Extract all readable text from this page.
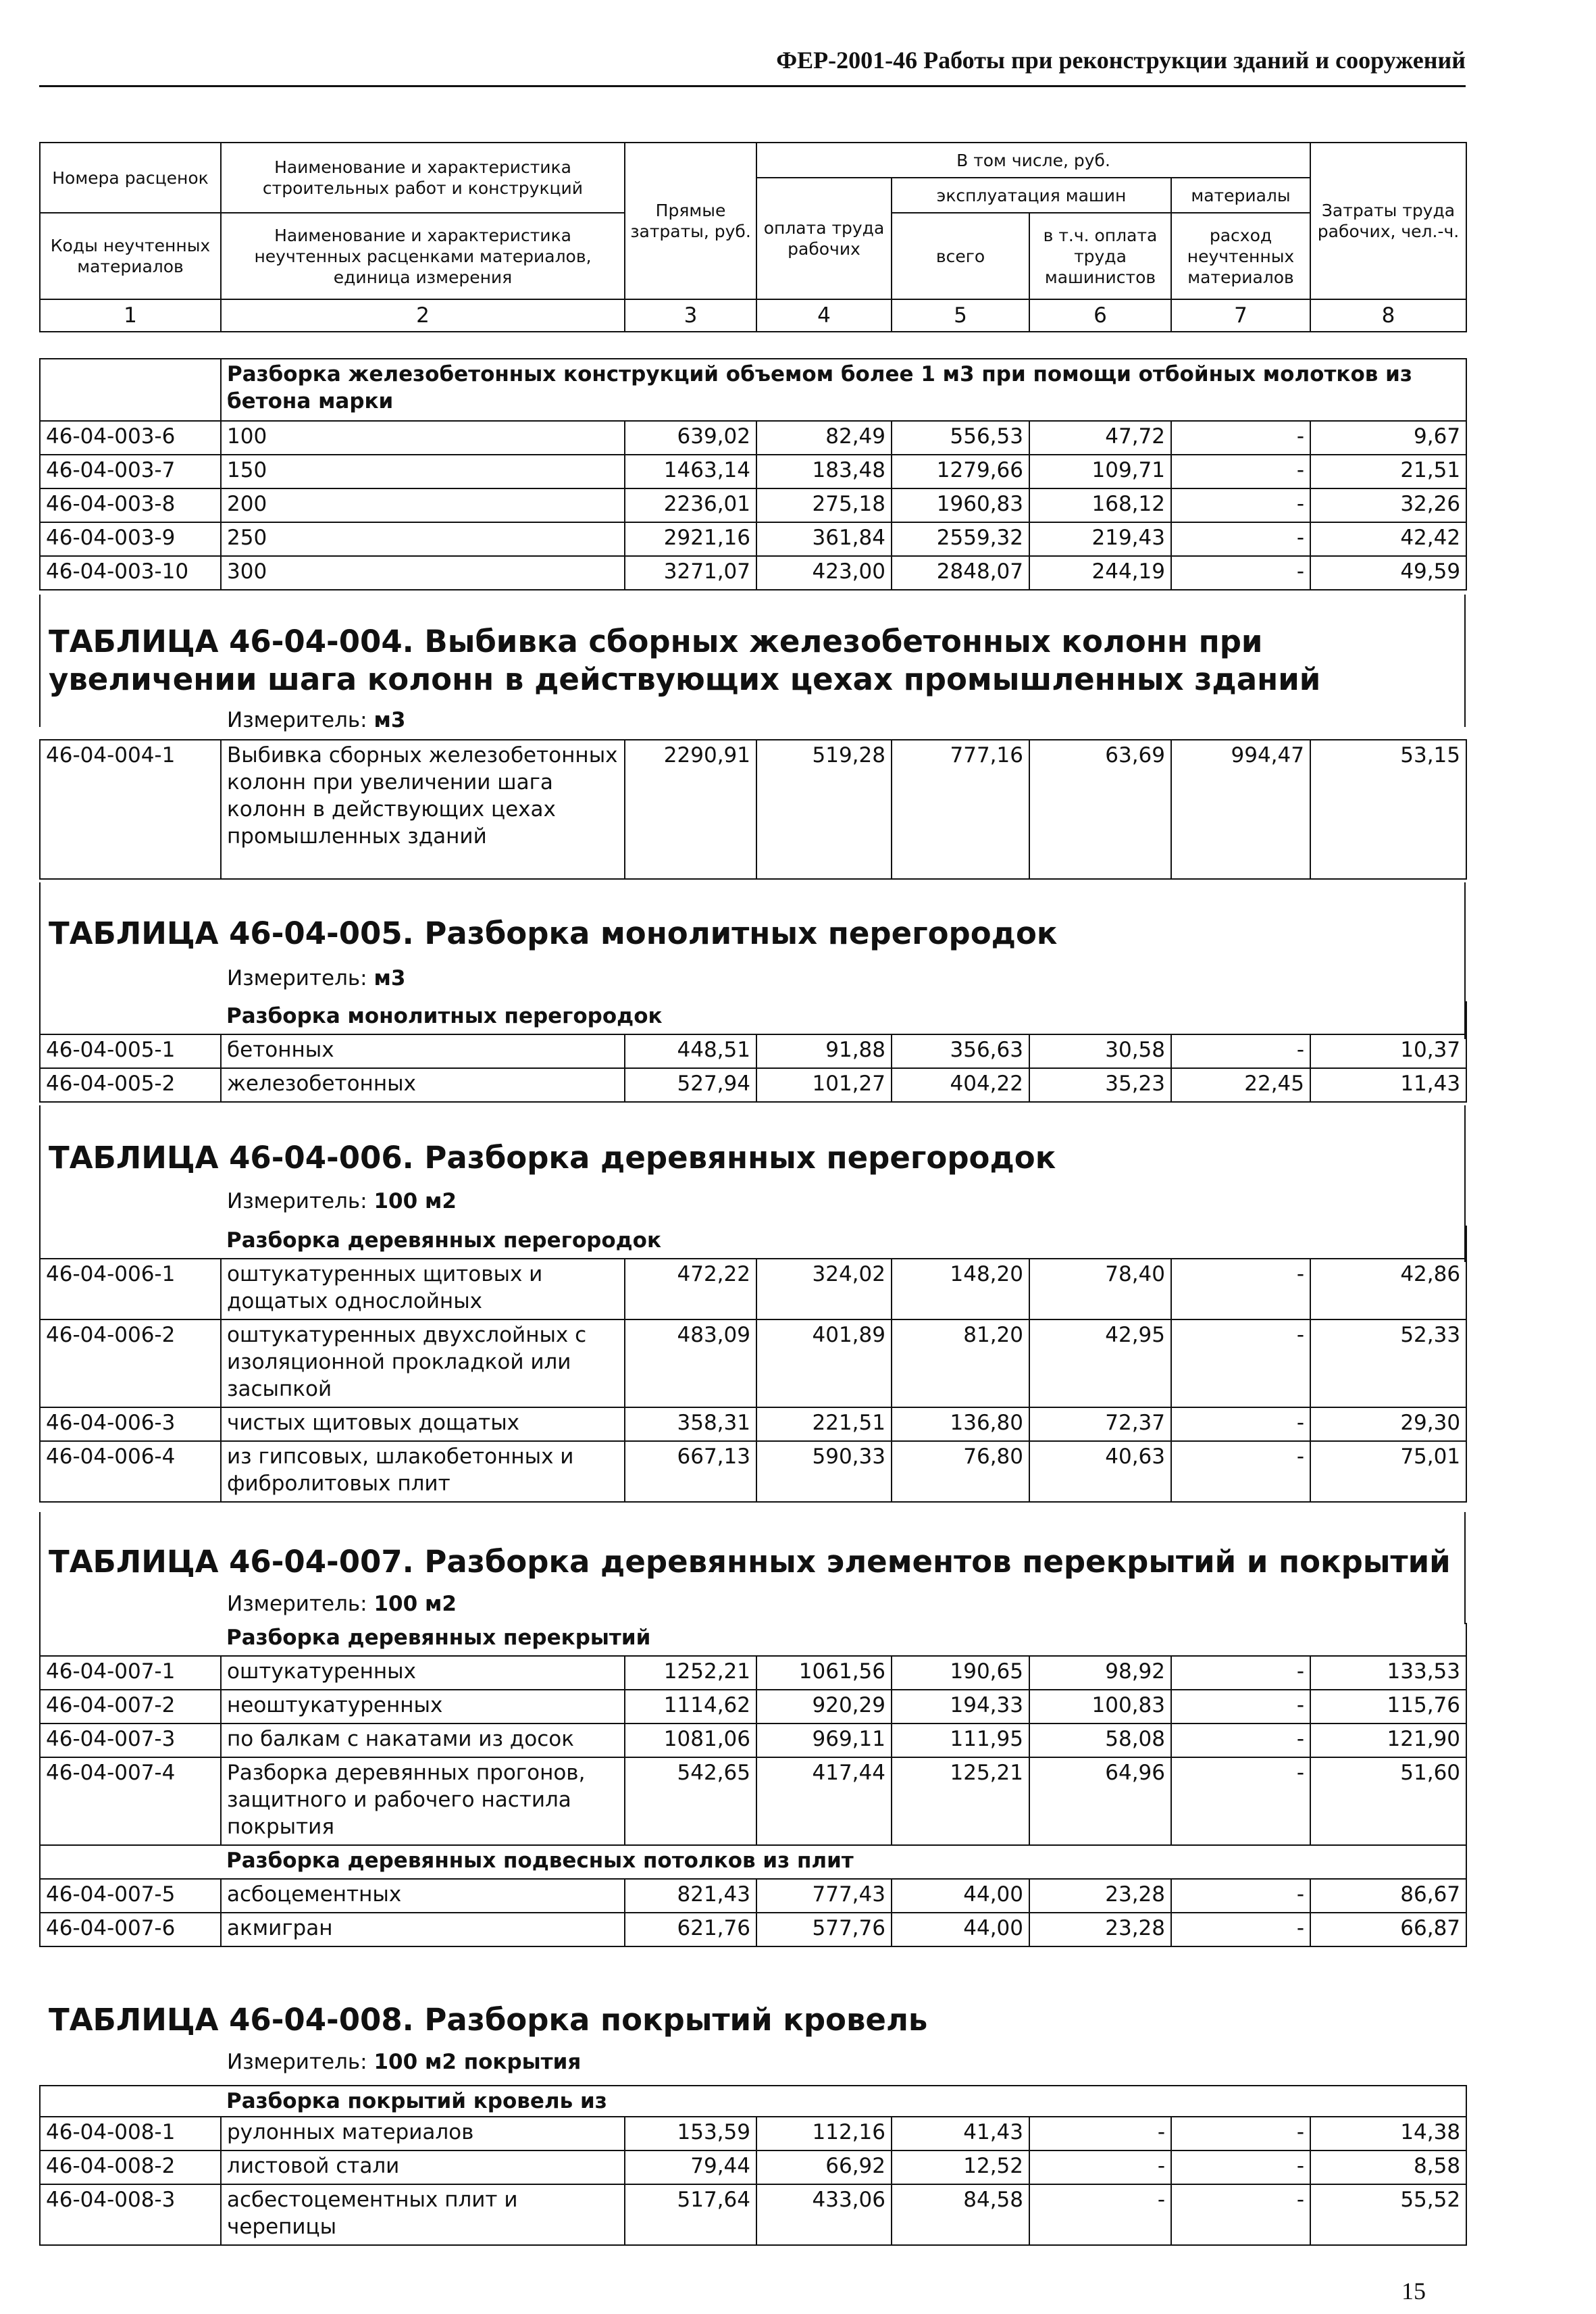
ФЕР-2001-46 Работы при реконструкции зданий и сооружений
Номера расценок	Наименование и характеристика строительных работ и конструкций	Прямые затраты, руб.	В том числе, руб.				Затраты труда рабочих, чел.-ч.
			оплата труда рабочих	эксплуатация машин		материалы	
Коды неучтенных материалов	Наименование и характеристика неучтенных расценками материалов, единица измерения			всего	в т.ч. оплата труда машинистов	расход неучтенных материалов	
1	2	3	4	5	6	7	8
	Разборка железобетонных конструкций объемом более 1 м3 при помощи отбойных молотков из бетона марки						
46-04-003-6	100	639,02	82,49	556,53	47,72	-	9,67
46-04-003-7	150	1463,14	183,48	1279,66	109,71	-	21,51
46-04-003-8	200	2236,01	275,18	1960,83	168,12	-	32,26
46-04-003-9	250	2921,16	361,84	2559,32	219,43	-	42,42
46-04-003-10	300	3271,07	423,00	2848,07	244,19	-	49,59
ТАБЛИЦА 46-04-004. Выбивка сборных железобетонных колонн при увеличении шага колонн в действующих цехах промышленных зданий
Измеритель: м3
46-04-004-1	Выбивка сборных железобетонных колонн при увеличении шага колонн в действующих цехах промышленных зданий	2290,91	519,28	777,16	63,69	994,47	53,15
ТАБЛИЦА 46-04-005. Разборка монолитных перегородок
Измеритель: м3
	Разборка монолитных перегородок						
46-04-005-1	бетонных	448,51	91,88	356,63	30,58	-	10,37
46-04-005-2	железобетонных	527,94	101,27	404,22	35,23	22,45	11,43
ТАБЛИЦА 46-04-006. Разборка деревянных перегородок
Измеритель: 100 м2
	Разборка деревянных перегородок						
46-04-006-1	оштукатуренных щитовых и дощатых однослойных	472,22	324,02	148,20	78,40	-	42,86
46-04-006-2	оштукатуренных двухслойных с изоляционной прокладкой или засыпкой	483,09	401,89	81,20	42,95	-	52,33
46-04-006-3	чистых щитовых дощатых	358,31	221,51	136,80	72,37	-	29,30
46-04-006-4	из гипсовых, шлакобетонных и фибролитовых плит	667,13	590,33	76,80	40,63	-	75,01
ТАБЛИЦА 46-04-007. Разборка деревянных элементов перекрытий и покрытий
Измеритель: 100 м2
	Разборка деревянных перекрытий						
46-04-007-1	оштукатуренных	1252,21	1061,56	190,65	98,92	-	133,53
46-04-007-2	неоштукатуренных	1114,62	920,29	194,33	100,83	-	115,76
46-04-007-3	по балкам с накатами из досок	1081,06	969,11	111,95	58,08	-	121,90
46-04-007-4	Разборка деревянных прогонов, защитного и рабочего настила покрытия	542,65	417,44	125,21	64,96	-	51,60
	Разборка деревянных подвесных потолков из плит						
46-04-007-5	асбоцементных	821,43	777,43	44,00	23,28	-	86,67
46-04-007-6	акмигран	621,76	577,76	44,00	23,28	-	66,87
ТАБЛИЦА 46-04-008. Разборка покрытий кровель
Измеритель: 100 м2 покрытия
	Разборка покрытий кровель из						
46-04-008-1	рулонных материалов	153,59	112,16	41,43	-	-	14,38
46-04-008-2	листовой стали	79,44	66,92	12,52	-	-	8,58
46-04-008-3	асбестоцементных плит и черепицы	517,64	433,06	84,58	-	-	55,52
15
